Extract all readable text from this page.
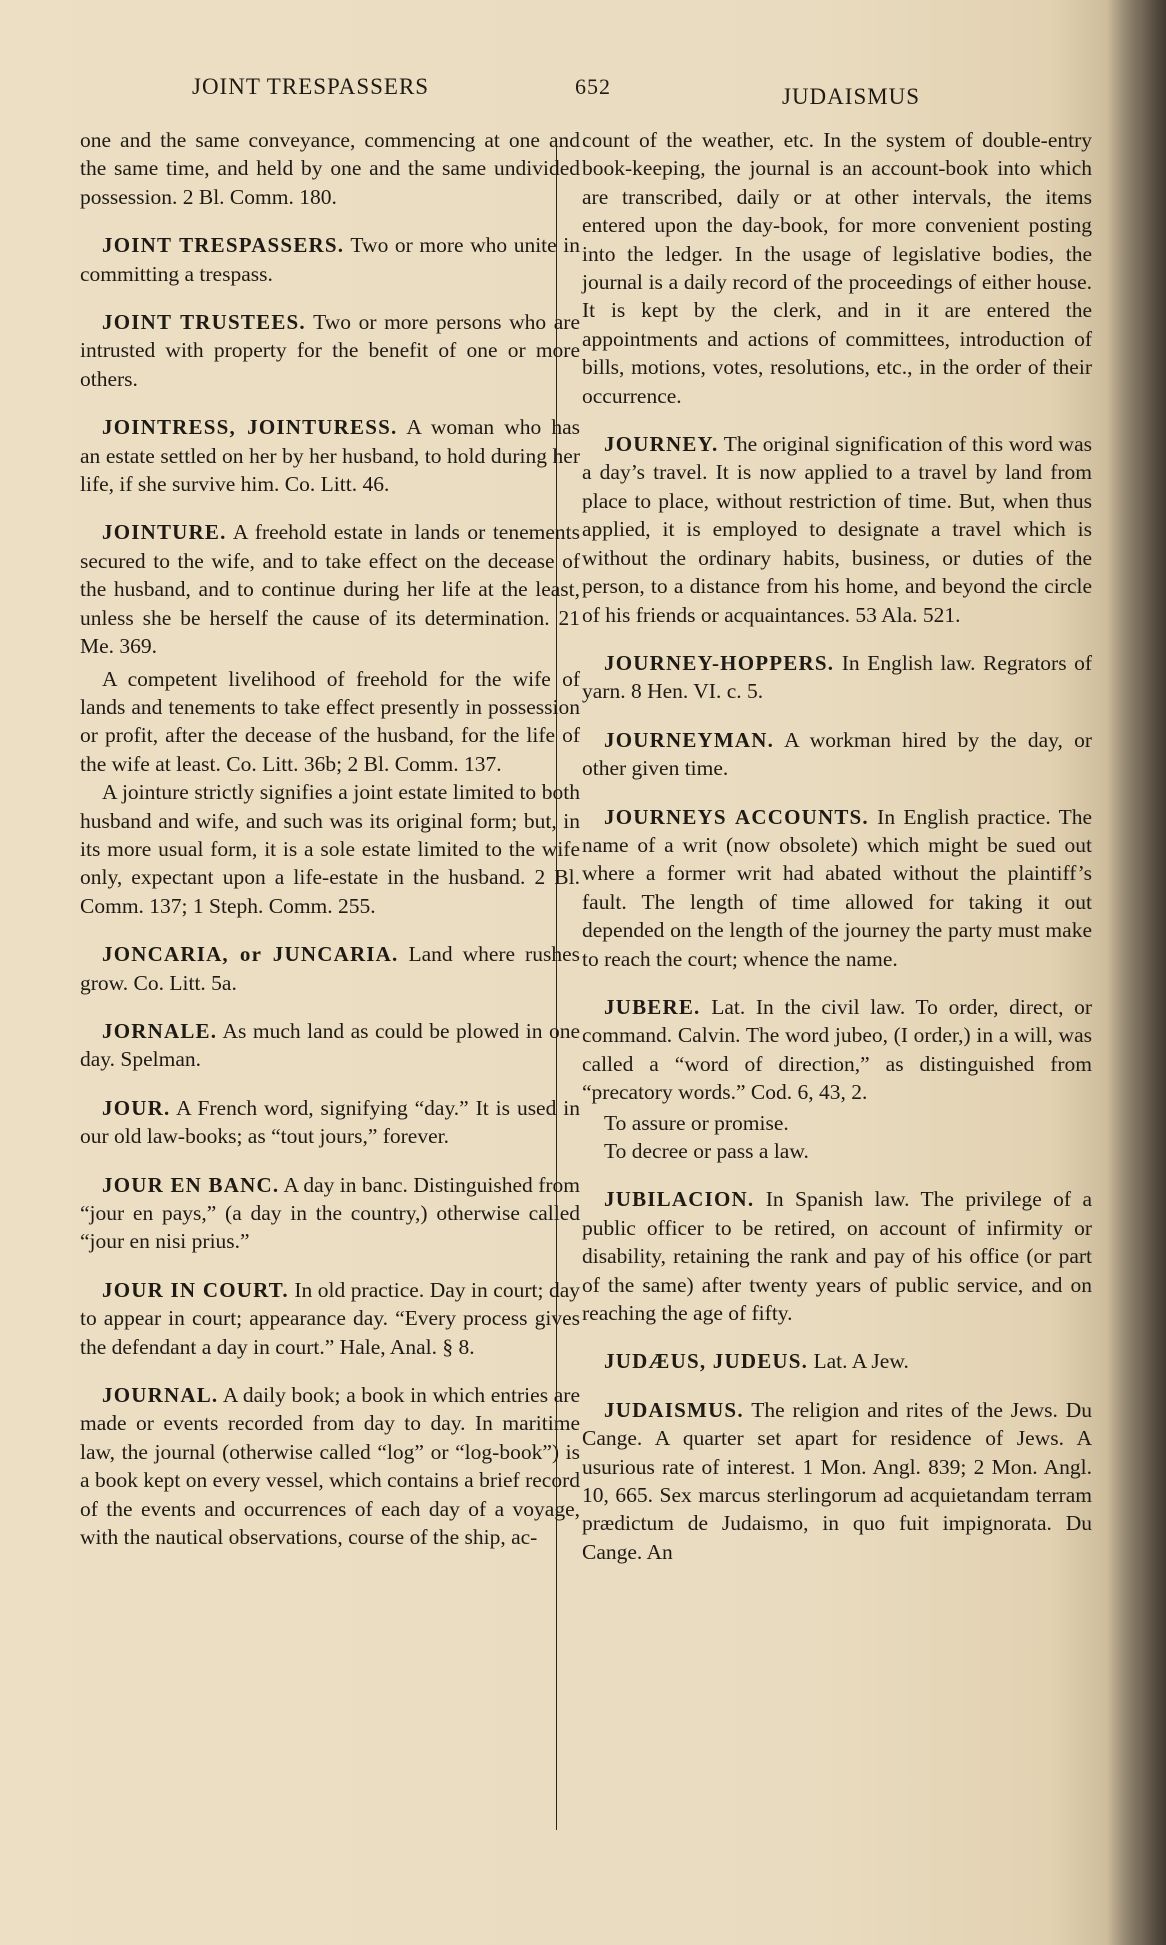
JOINT TRESPASSERS	652	JUDAISMUS

one and the same conveyance, commencing at one and the same time, and held by one and the same undivided possession. 2 Bl. Comm. 180.

JOINT TRESPASSERS. Two or more who unite in committing a trespass.

JOINT TRUSTEES. Two or more persons who are intrusted with property for the benefit of one or more others.

JOINTRESS, JOINTURESS. A woman who has an estate settled on her by her husband, to hold during her life, if she survive him. Co. Litt. 46.

JOINTURE. A freehold estate in lands or tenements secured to the wife, and to take effect on the decease of the husband, and to continue during her life at the least, unless she be herself the cause of its determination. 21 Me. 369.

A competent livelihood of freehold for the wife of lands and tenements to take effect presently in possession or profit, after the decease of the husband, for the life of the wife at least. Co. Litt. 36b; 2 Bl. Comm. 137.

A jointure strictly signifies a joint estate limited to both husband and wife, and such was its original form; but, in its more usual form, it is a sole estate limited to the wife only, expectant upon a life-estate in the husband. 2 Bl. Comm. 137; 1 Steph. Comm. 255.

JONCARIA, or JUNCARIA. Land where rushes grow. Co. Litt. 5a.

JORNALE. As much land as could be plowed in one day. Spelman.

JOUR. A French word, signifying “day.” It is used in our old law-books; as “tout jours,” forever.

JOUR EN BANC. A day in banc. Distinguished from “jour en pays,” (a day in the country,) otherwise called “jour en nisi prius.”

JOUR IN COURT. In old practice. Day in court; day to appear in court; appearance day. “Every process gives the defendant a day in court.” Hale, Anal. § 8.

JOURNAL. A daily book; a book in which entries are made or events recorded from day to day. In maritime law, the journal (otherwise called “log” or “log-book”) is a book kept on every vessel, which contains a brief record of the events and occurrences of each day of a voyage, with the nautical observations, course of the ship, ac-

count of the weather, etc. In the system of double-entry book-keeping, the journal is an account-book into which are transcribed, daily or at other intervals, the items entered upon the day-book, for more convenient posting into the ledger. In the usage of legislative bodies, the journal is a daily record of the proceedings of either house. It is kept by the clerk, and in it are entered the appointments and actions of committees, introduction of bills, motions, votes, resolutions, etc., in the order of their occurrence.

JOURNEY. The original signification of this word was a day’s travel. It is now applied to a travel by land from place to place, without restriction of time. But, when thus applied, it is employed to designate a travel which is without the ordinary habits, business, or duties of the person, to a distance from his home, and beyond the circle of his friends or acquaintances. 53 Ala. 521.

JOURNEY-HOPPERS. In English law. Regrators of yarn. 8 Hen. VI. c. 5.

JOURNEYMAN. A workman hired by the day, or other given time.

JOURNEYS ACCOUNTS. In English practice. The name of a writ (now obsolete) which might be sued out where a former writ had abated without the plaintiff’s fault. The length of time allowed for taking it out depended on the length of the journey the party must make to reach the court; whence the name.

JUBERE. Lat. In the civil law. To order, direct, or command. Calvin. The word jubeo, (I order,) in a will, was called a “word of direction,” as distinguished from “precatory words.” Cod. 6, 43, 2.

To assure or promise.

To decree or pass a law.

JUBILACION. In Spanish law. The privilege of a public officer to be retired, on account of infirmity or disability, retaining the rank and pay of his office (or part of the same) after twenty years of public service, and on reaching the age of fifty.

JUDÆUS, JUDEUS. Lat. A Jew.

JUDAISMUS. The religion and rites of the Jews. Du Cange. A quarter set apart for residence of Jews. A usurious rate of interest. 1 Mon. Angl. 839; 2 Mon. Angl. 10, 665. Sex marcus sterlingorum ad acquietandam terram prædictum de Judaismo, in quo fuit impignorata. Du Cange. An
